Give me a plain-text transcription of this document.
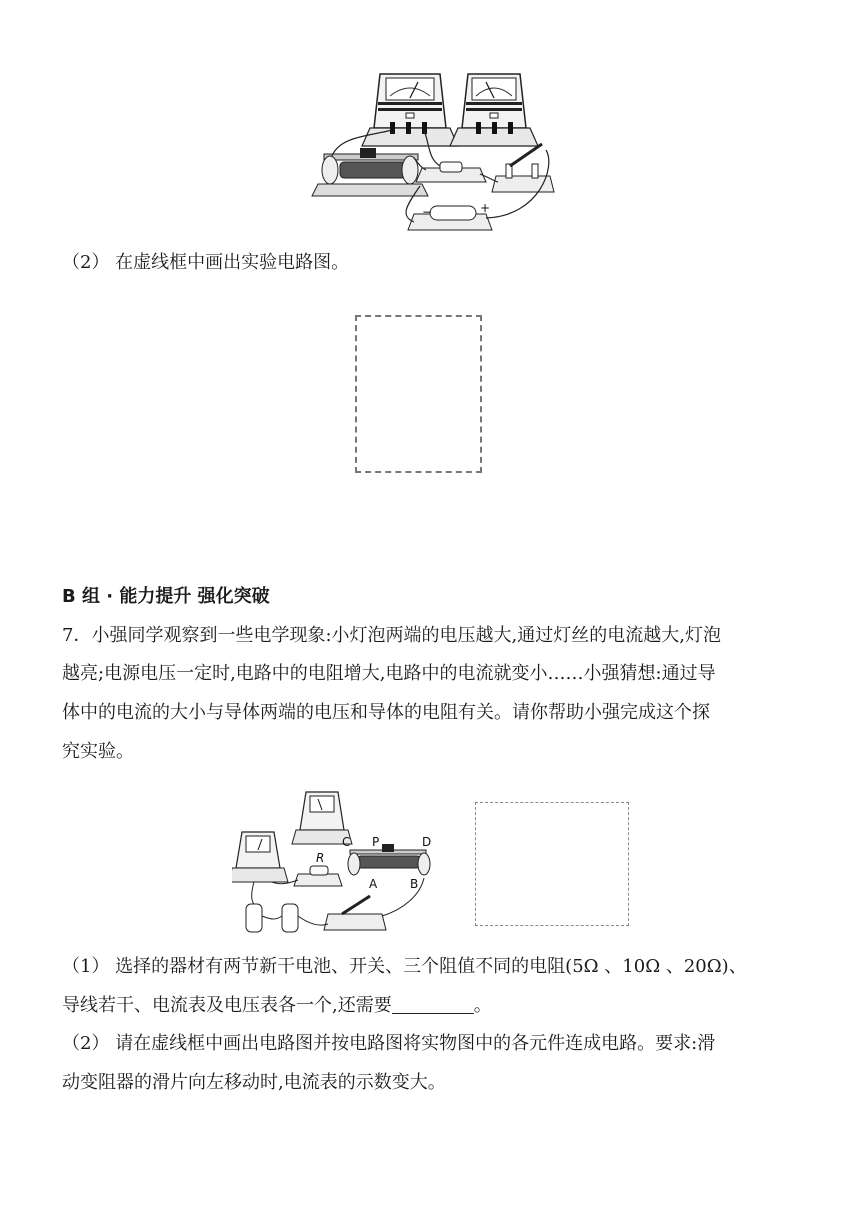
−	+
（2） 在虚线框中画出实验电路图。
B 组 · 能力提升 强化突破
7．小强同学观察到一些电学现象:小灯泡两端的电压越大,通过灯丝的电流越大,灯泡
越亮;电源电压一定时,电路中的电阻增大,电路中的电流就变小……小强猜想:通过导
体中的电流的大小与导体两端的电压和导体的电阻有关。请你帮助小强完成这个探
究实验。
C P	D
R
A	B
（1） 选择的器材有两节新干电池、开关、三个阻值不同的电阻(5Ω 、10Ω 、20Ω)、
导线若干、电流表及电压表各一个,还需要	。
（2） 请在虚线框中画出电路图并按电路图将实物图中的各元件连成电路。要求:滑
动变阻器的滑片向左移动时,电流表的示数变大。
